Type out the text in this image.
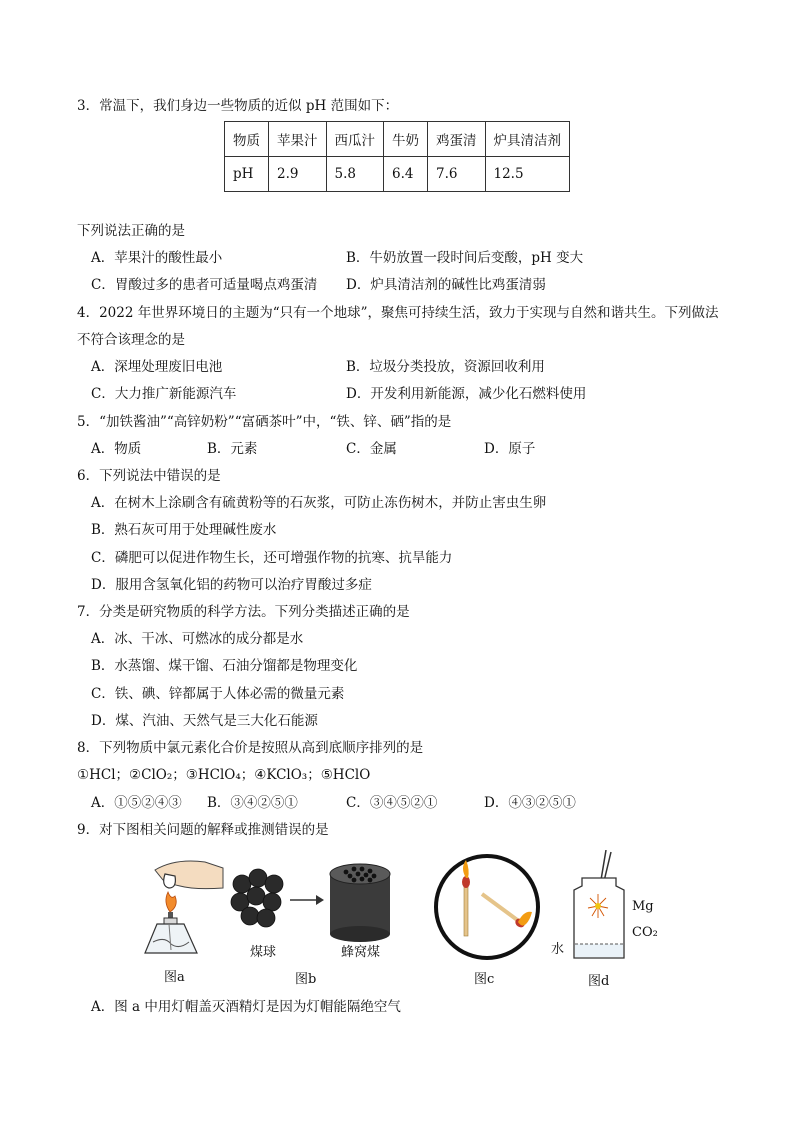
3．常温下，我们身边一些物质的近似 pH 范围如下：
物质	苹果汁	西瓜汁	牛奶	鸡蛋清	炉具清洁剂
pH	2.9	5.8	6.4	7.6	12.5
下列说法正确的是
A．苹果汁的酸性最小	B．牛奶放置一段时间后变酸，pH 变大
C．胃酸过多的患者可适量喝点鸡蛋清 D．炉具清洁剂的碱性比鸡蛋清弱
4．2022 年世界环境日的主题为“只有一个地球”，聚焦可持续生活，致力于实现与自然和谐共生。下列做法
不符合该理念的是
A．深埋处理废旧电池	B．垃圾分类投放，资源回收利用
C．大力推广新能源汽车	D．开发利用新能源，减少化石燃料使用
5．“加铁酱油”“高锌奶粉”“富硒茶叶”中，“铁、锌、硒”指的是
A．物质	B．元素	C．金属	D．原子
6．下列说法中错误的是
A．在树木上涂刷含有硫黄粉等的石灰浆，可防止冻伤树木，并防止害虫生卵
B．熟石灰可用于处理碱性废水
C．磷肥可以促进作物生长，还可增强作物的抗寒、抗旱能力
D．服用含氢氧化铝的药物可以治疗胃酸过多症
7．分类是研究物质的科学方法。下列分类描述正确的是
A．冰、干冰、可燃冰的成分都是水
B．水蒸馏、煤干馏、石油分馏都是物理变化
C．铁、碘、锌都属于人体必需的微量元素
D．煤、汽油、天然气是三大化石能源
8．下列物质中氯元素化合价是按照从高到底顺序排列的是
①HCl；②ClO₂；③HClO₄；④KClO₃；⑤HClO
A．①⑤②④③ B．③④②⑤①	C．③④⑤②①	D．④③②⑤①
9．对下图相关问题的解释或推测错误的是
图a
煤球	蜂窝煤
图b	图c
Mg
CO₂
水
图d
A．图 a 中用灯帽盖灭酒精灯是因为灯帽能隔绝空气
